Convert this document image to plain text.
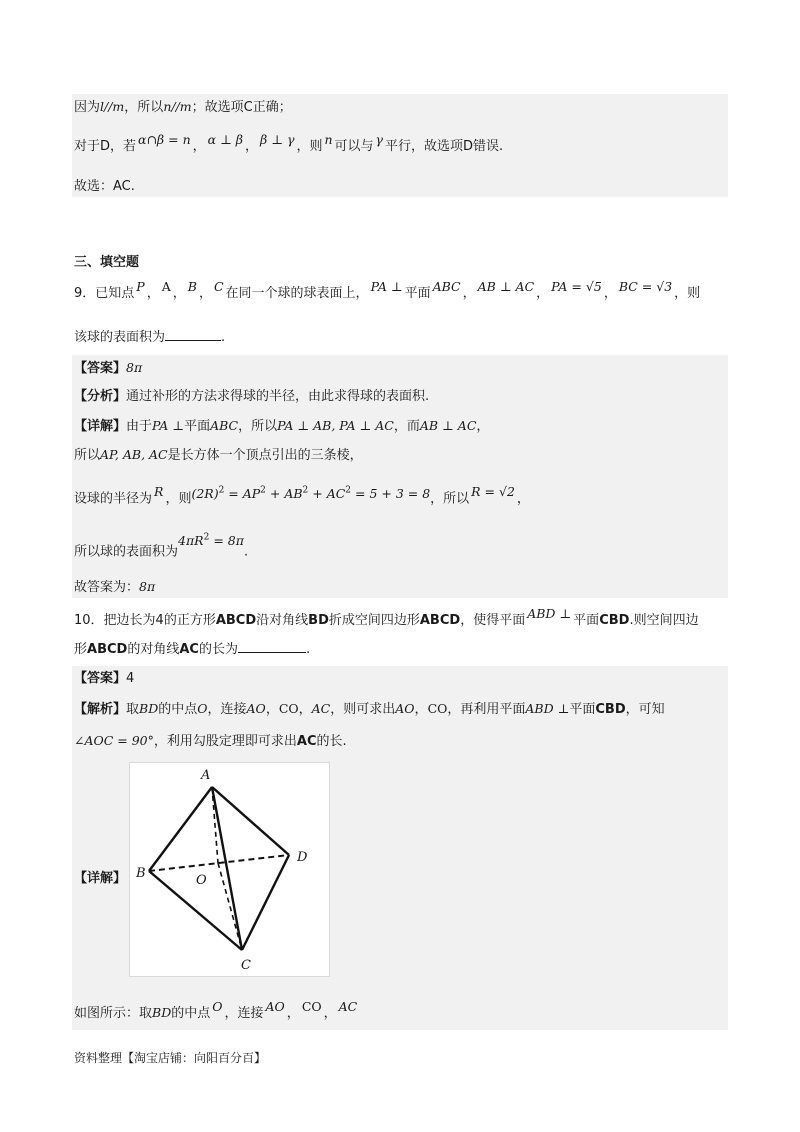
因为l//m，所以n//m；故选项C正确；
对于D，若 α∩β = n ， α ⊥ β ， β ⊥ γ ，则 n 可以与 γ 平行，故选项D错误.
故选：AC.
三、填空题
9．已知点 P ， A ， B ， C 在同一个球的球表面上， PA ⊥ 平面 ABC ， AB ⊥ AC ， PA = √5 ， BC = √3 ，则
该球的表面积为	.
【答案】8π
【分析】通过补形的方法求得球的半径，由此求得球的表面积.
【详解】由于PA ⊥平面ABC，所以PA ⊥ AB, PA ⊥ AC，而AB ⊥ AC，
所以AP, AB, AC是长方体一个顶点引出的三条棱，
设球的半径为 R ，则$(2R)^2 = AP^2 + AB^2 + AC^2 = 5 + 3 = 8$，所以 R = √2 ，
所以球的表面积为$4\pi R^2 = 8\pi$.
故答案为：8π
10．把边长为4的正方形ABCD沿对角线BD折成空间四边形ABCD，使得平面 ABD ⊥ 平面CBD.则空间四边
形ABCD的对角线AC的长为	.
【答案】4
【解析】取BD的中点O，连接AO，CO，AC，则可求出AO，CO，再利用平面ABD ⊥平面CBD，可知
∠AOC = 90°，利用勾股定理即可求出AC的长.
【详解】
A
B
C
D
O
如图所示：取BD的中点 O ，连接 AO ， CO ， AC
资料整理【淘宝店铺：向阳百分百】
